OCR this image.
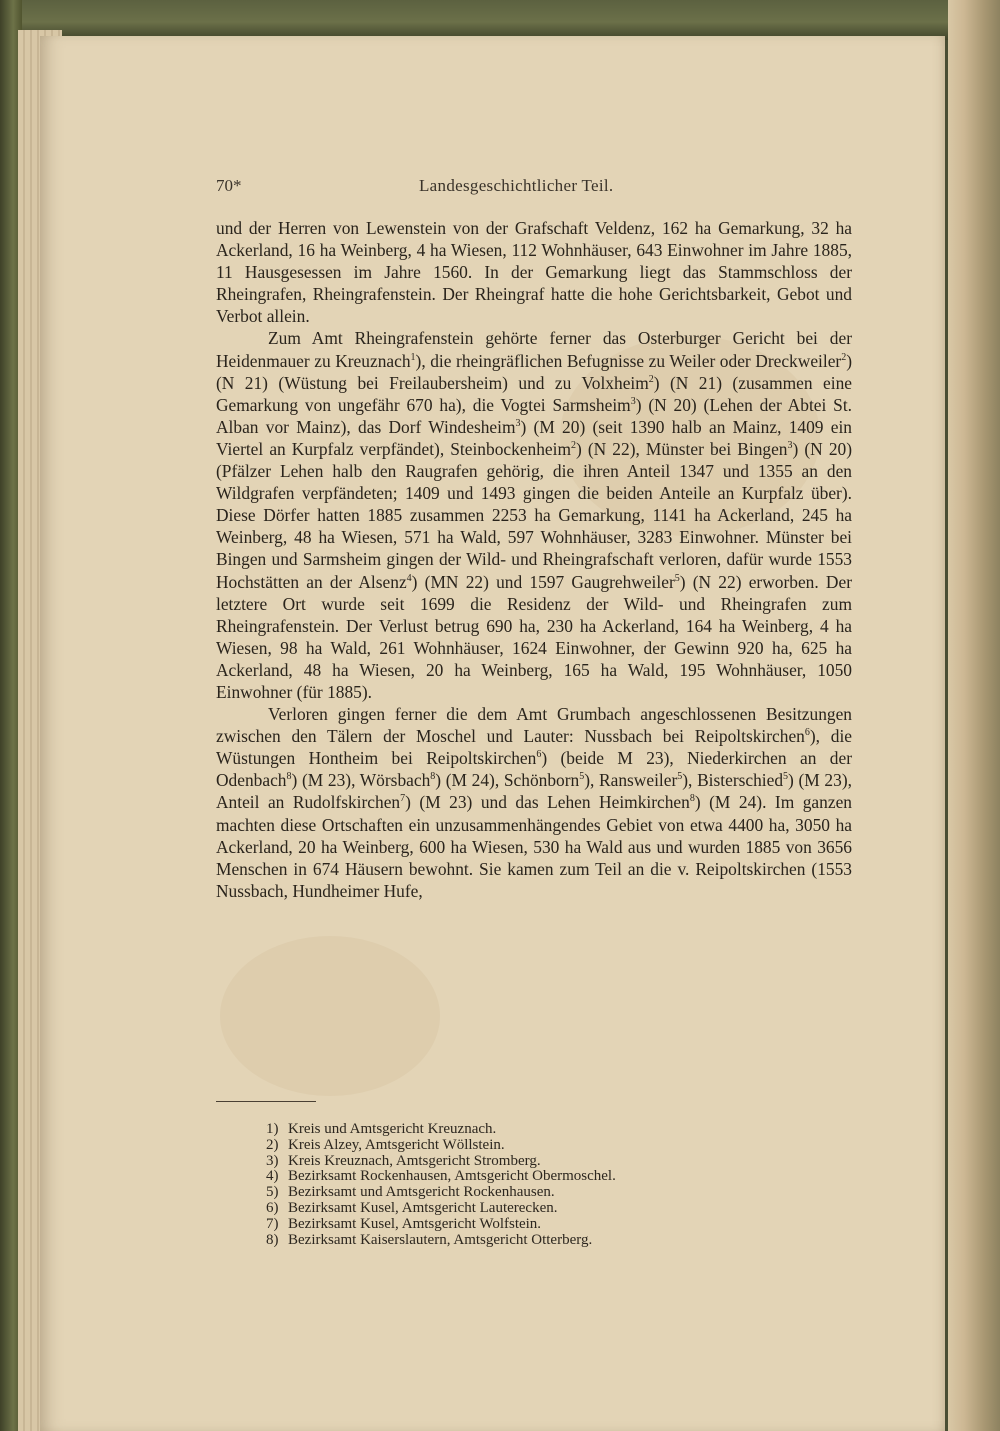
70*	Landesgeschichtlicher Teil.

und der Herren von Lewenstein von der Grafschaft Veldenz, 162 ha Gemarkung, 32 ha Ackerland, 16 ha Weinberg, 4 ha Wiesen, 112 Wohnhäuser, 643 Einwohner im Jahre 1885, 11 Hausgesessen im Jahre 1560. In der Gemarkung liegt das Stammschloss der Rheingrafen, Rheingrafenstein. Der Rheingraf hatte die hohe Gerichtsbarkeit, Gebot und Verbot allein.

Zum Amt Rheingrafenstein gehörte ferner das Osterburger Gericht bei der Heidenmauer zu Kreuznach$^1$), die rheingräflichen Befugnisse zu Weiler oder Dreckweiler$^2$) (N 21) (Wüstung bei Freilaubersheim) und zu Volxheim$^2$) (N 21) (zusammen eine Gemarkung von ungefähr 670 ha), die Vogtei Sarmsheim$^3$) (N 20) (Lehen der Abtei St. Alban vor Mainz), das Dorf Windesheim$^3$) (M 20) (seit 1390 halb an Mainz, 1409 ein Viertel an Kurpfalz verpfändet), Steinbockenheim$^2$) (N 22), Münster bei Bingen$^3$) (N 20) (Pfälzer Lehen halb den Raugrafen gehörig, die ihren Anteil 1347 und 1355 an den Wildgrafen verpfändeten; 1409 und 1493 gingen die beiden Anteile an Kurpfalz über). Diese Dörfer hatten 1885 zusammen 2253 ha Gemarkung, 1141 ha Ackerland, 245 ha Weinberg, 48 ha Wiesen, 571 ha Wald, 597 Wohnhäuser, 3283 Einwohner. Münster bei Bingen und Sarmsheim gingen der Wild- und Rheingrafschaft verloren, dafür wurde 1553 Hochstätten an der Alsenz$^4$) (MN 22) und 1597 Gaugrehweiler$^5$) (N 22) erworben. Der letztere Ort wurde seit 1699 die Residenz der Wild- und Rheingrafen zum Rheingrafenstein. Der Verlust betrug 690 ha, 230 ha Ackerland, 164 ha Weinberg, 4 ha Wiesen, 98 ha Wald, 261 Wohnhäuser, 1624 Einwohner, der Gewinn 920 ha, 625 ha Ackerland, 48 ha Wiesen, 20 ha Weinberg, 165 ha Wald, 195 Wohnhäuser, 1050 Einwohner (für 1885).

Verloren gingen ferner die dem Amt Grumbach angeschlossenen Besitzungen zwischen den Tälern der Moschel und Lauter: Nussbach bei Reipoltskirchen$^6$), die Wüstungen Hontheim bei Reipoltskirchen$^6$) (beide M 23), Niederkirchen an der Odenbach$^8$) (M 23), Wörsbach$^8$) (M 24), Schönborn$^5$), Ransweiler$^5$), Bisterschied$^5$) (M 23), Anteil an Rudolfskirchen$^7$) (M 23) und das Lehen Heimkirchen$^8$) (M 24). Im ganzen machten diese Ortschaften ein unzusammenhängendes Gebiet von etwa 4400 ha, 3050 ha Ackerland, 20 ha Weinberg, 600 ha Wiesen, 530 ha Wald aus und wurden 1885 von 3656 Menschen in 674 Häusern bewohnt. Sie kamen zum Teil an die v. Reipoltskirchen (1553 Nussbach, Hundheimer Hufe,

1) Kreis und Amtsgericht Kreuznach.
2) Kreis Alzey, Amtsgericht Wöllstein.
3) Kreis Kreuznach, Amtsgericht Stromberg.
4) Bezirksamt Rockenhausen, Amtsgericht Obermoschel.
5) Bezirksamt und Amtsgericht Rockenhausen.
6) Bezirksamt Kusel, Amtsgericht Lauterecken.
7) Bezirksamt Kusel, Amtsgericht Wolfstein.
8) Bezirksamt Kaiserslautern, Amtsgericht Otterberg.
